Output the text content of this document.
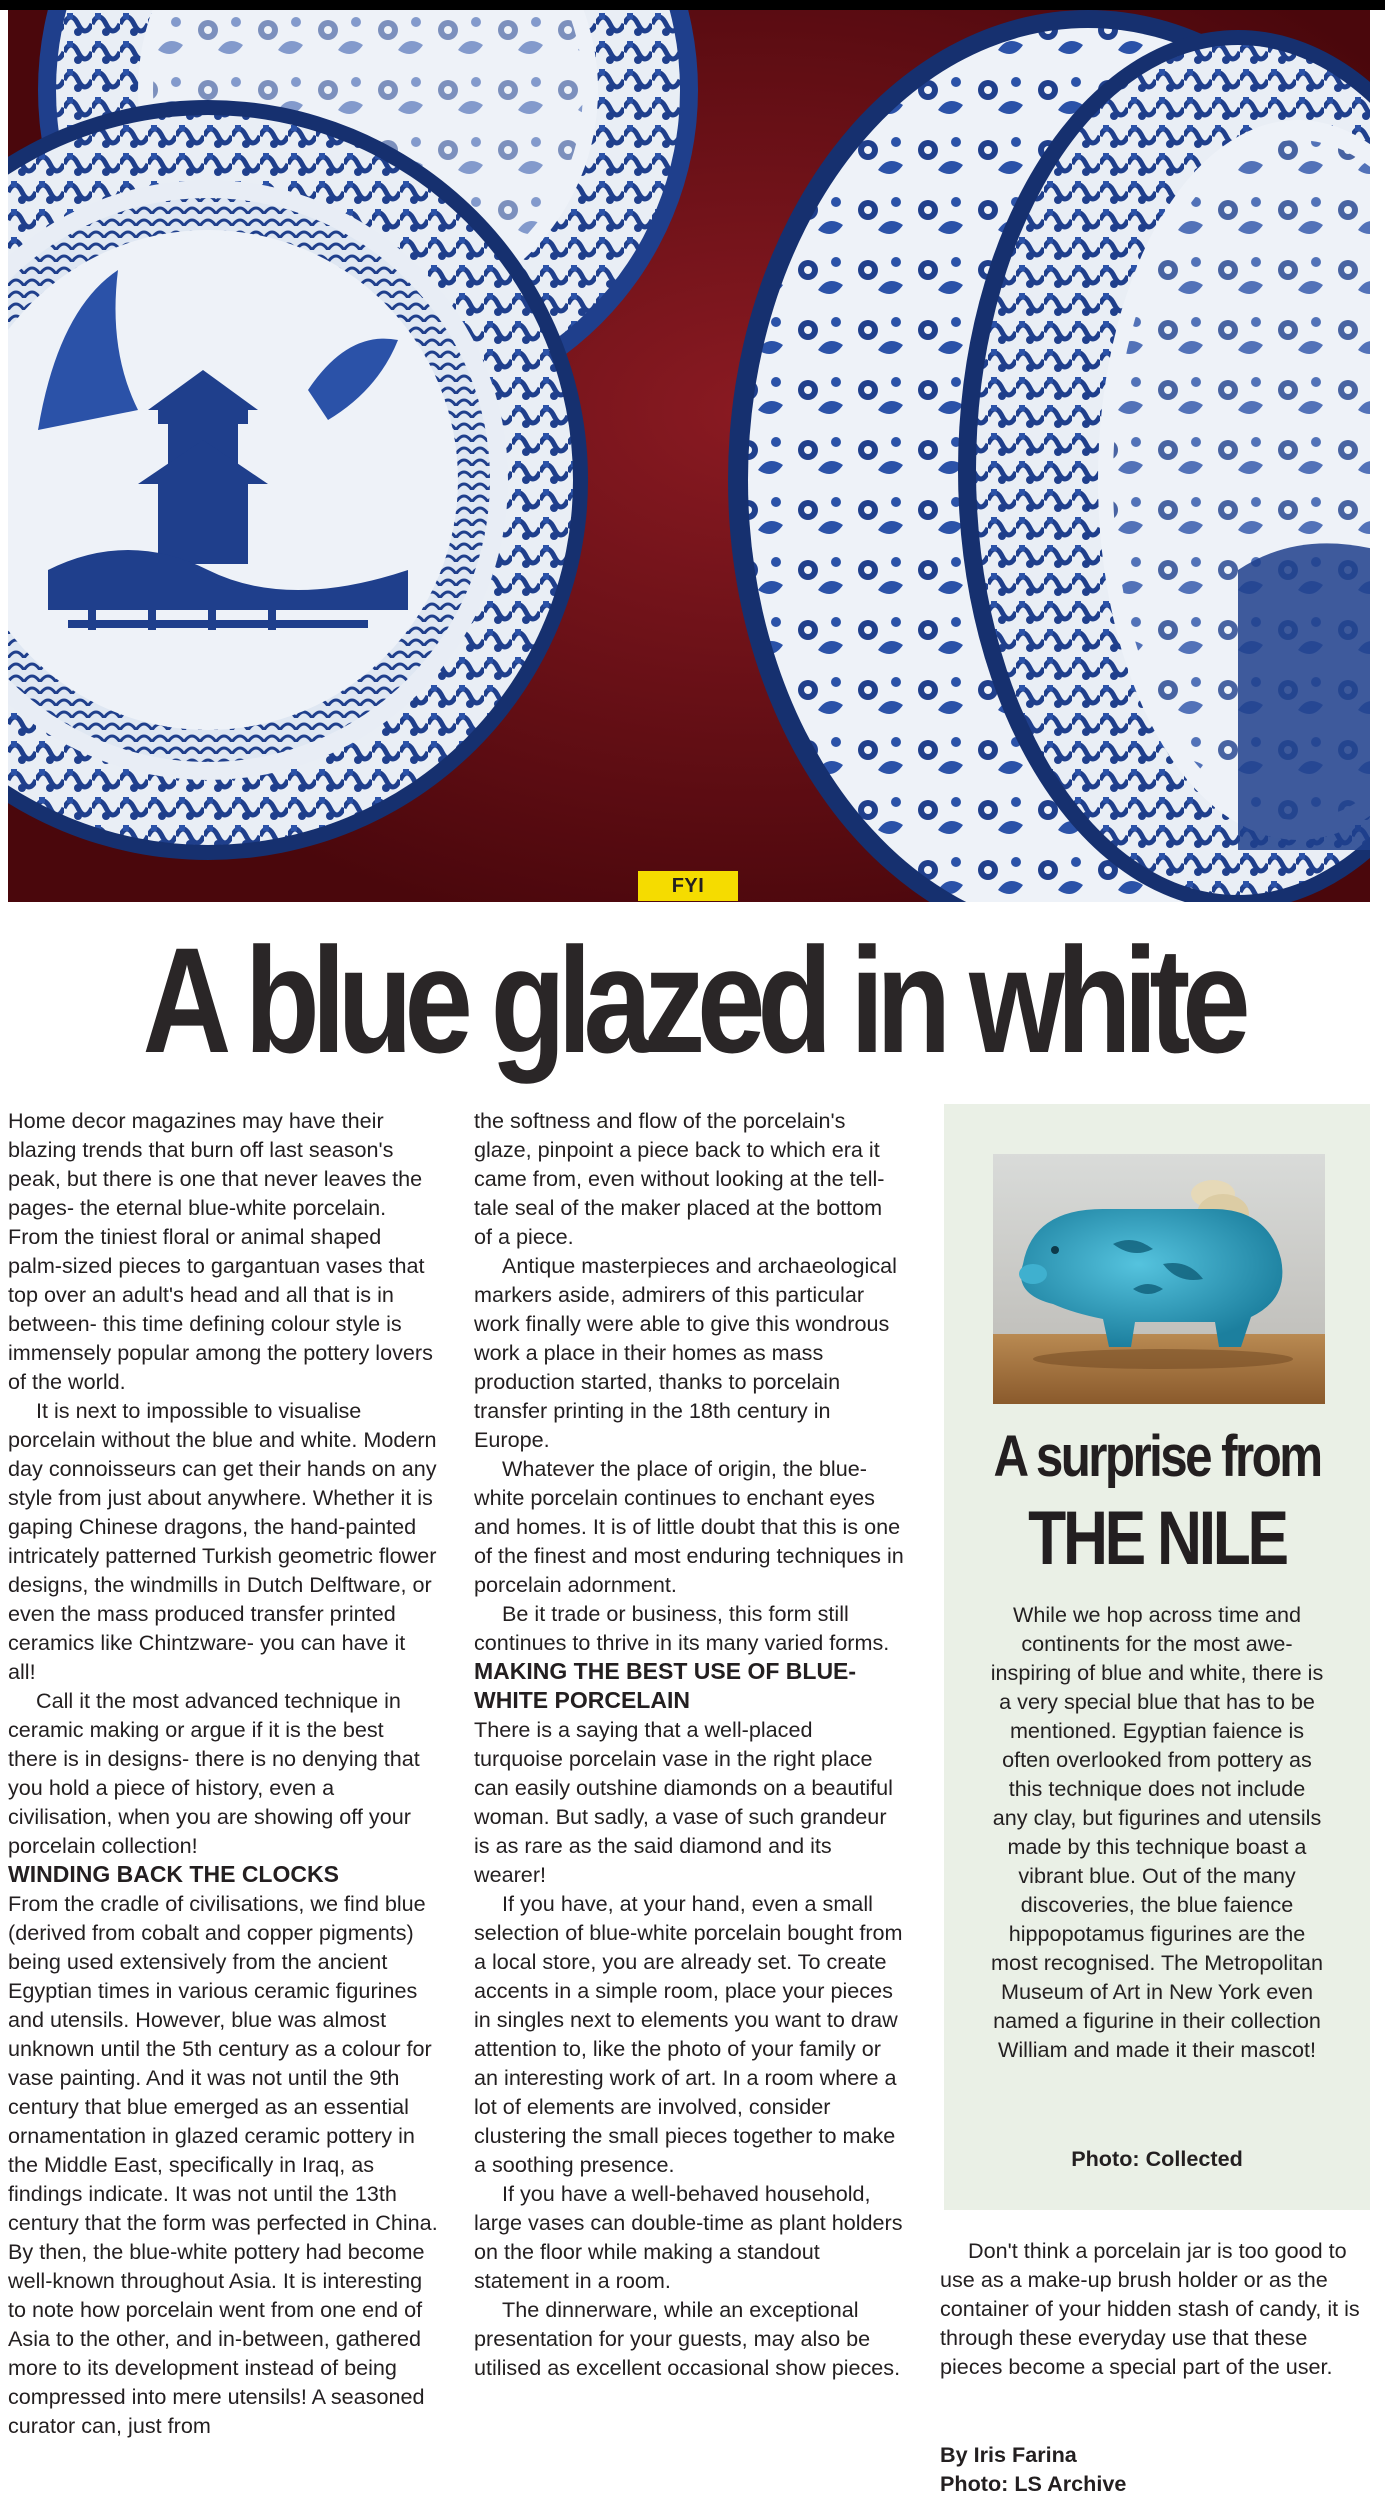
FYI
A blue glazed in white

Home decor magazines may have their blazing trends that burn off last season's peak, but there is one that never leaves the pages- the eternal blue-white porcelain. From the tiniest floral or animal shaped palm-sized pieces to gargantuan vases that top over an adult's head and all that is in between- this time defining colour style is immensely popular among the pottery lovers of the world.

It is next to impossible to visualise porcelain without the blue and white. Modern day connoisseurs can get their hands on any style from just about anywhere. Whether it is gaping Chinese dragons, the hand-painted intricately patterned Turkish geometric flower designs, the windmills in Dutch Delftware, or even the mass produced transfer printed ceramics like Chintzware- you can have it all!

Call it the most advanced technique in ceramic making or argue if it is the best there is in designs- there is no denying that you hold a piece of history, even a civilisation, when you are showing off your porcelain collection!

WINDING BACK THE CLOCKS

From the cradle of civilisations, we find blue (derived from cobalt and copper pigments) being used extensively from the ancient Egyptian times in various ceramic figurines and utensils. However, blue was almost unknown until the 5th century as a colour for vase painting. And it was not until the 9th century that blue emerged as an essential ornamentation in glazed ceramic pottery in the Middle East, specifically in Iraq, as findings indicate. It was not until the 13th century that the form was perfected in China. By then, the blue-white pottery had become well-known throughout Asia. It is interesting to note how porcelain went from one end of Asia to the other, and in-between, gathered more to its development instead of being compressed into mere utensils! A seasoned curator can, just from

the softness and flow of the porcelain's glaze, pinpoint a piece back to which era it came from, even without looking at the tell-tale seal of the maker placed at the bottom of a piece.

Antique masterpieces and archaeological markers aside, admirers of this particular work finally were able to give this wondrous work a place in their homes as mass production started, thanks to porcelain transfer printing in the 18th century in Europe.

Whatever the place of origin, the blue-white porcelain continues to enchant eyes and homes. It is of little doubt that this is one of the finest and most enduring techniques in porcelain adornment.

Be it trade or business, this form still continues to thrive in its many varied forms.

MAKING THE BEST USE OF BLUE-WHITE PORCELAIN

There is a saying that a well-placed turquoise porcelain vase in the right place can easily outshine diamonds on a beautiful woman. But sadly, a vase of such grandeur is as rare as the said diamond and its wearer!

If you have, at your hand, even a small selection of blue-white porcelain bought from a local store, you are already set. To create accents in a simple room, place your pieces in singles next to elements you want to draw attention to, like the photo of your family or an interesting work of art. In a room where a lot of elements are involved, consider clustering the small pieces together to make a soothing presence.

If you have a well-behaved household, large vases can double-time as plant holders on the floor while making a standout statement in a room.

The dinnerware, while an exceptional presentation for your guests, may also be utilised as excellent occasional show pieces.

A surprise from
THE NILE
While we hop across time and continents for the most awe-inspiring of blue and white, there is a very special blue that has to be mentioned. Egyptian faience is often overlooked from pottery as this technique does not include any clay, but figurines and utensils made by this technique boast a vibrant blue. Out of the many discoveries, the blue faience hippopotamus figurines are the most recognised. The Metropolitan Museum of Art in New York even named a figurine in their collection William and made it their mascot!
Photo: Collected

Don't think a porcelain jar is too good to use as a make-up brush holder or as the container of your hidden stash of candy, it is through these everyday use that these pieces become a special part of the user.

By Iris Farina
Photo: LS Archive
